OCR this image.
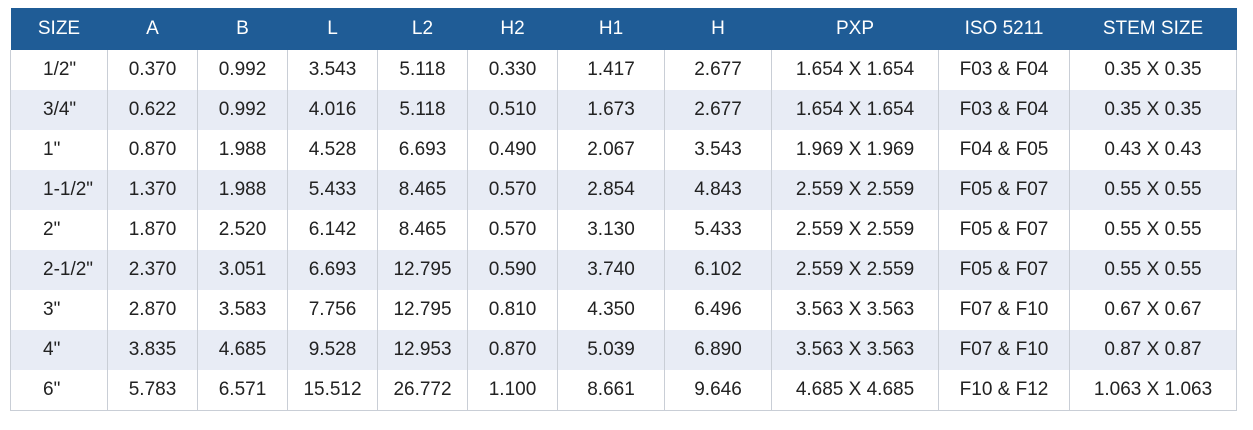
SIZE	A	B	L	L2	H2	H1	H	PXP	ISO 5211	STEM SIZE
1/2"	0.370	0.992	3.543	5.118	0.330	1.417	2.677	1.654 X 1.654	F03 & F04	0.35 X 0.35
3/4"	0.622	0.992	4.016	5.118	0.510	1.673	2.677	1.654 X 1.654	F03 & F04	0.35 X 0.35
1"	0.870	1.988	4.528	6.693	0.490	2.067	3.543	1.969 X 1.969	F04 & F05	0.43 X 0.43
1-1/2"	1.370	1.988	5.433	8.465	0.570	2.854	4.843	2.559 X 2.559	F05 & F07	0.55 X 0.55
2"	1.870	2.520	6.142	8.465	0.570	3.130	5.433	2.559 X 2.559	F05 & F07	0.55 X 0.55
2-1/2"	2.370	3.051	6.693	12.795	0.590	3.740	6.102	2.559 X 2.559	F05 & F07	0.55 X 0.55
3"	2.870	3.583	7.756	12.795	0.810	4.350	6.496	3.563 X 3.563	F07 & F10	0.67 X 0.67
4"	3.835	4.685	9.528	12.953	0.870	5.039	6.890	3.563 X 3.563	F07 & F10	0.87 X 0.87
6"	5.783	6.571	15.512	26.772	1.100	8.661	9.646	4.685 X 4.685	F10 & F12	1.063 X 1.063
